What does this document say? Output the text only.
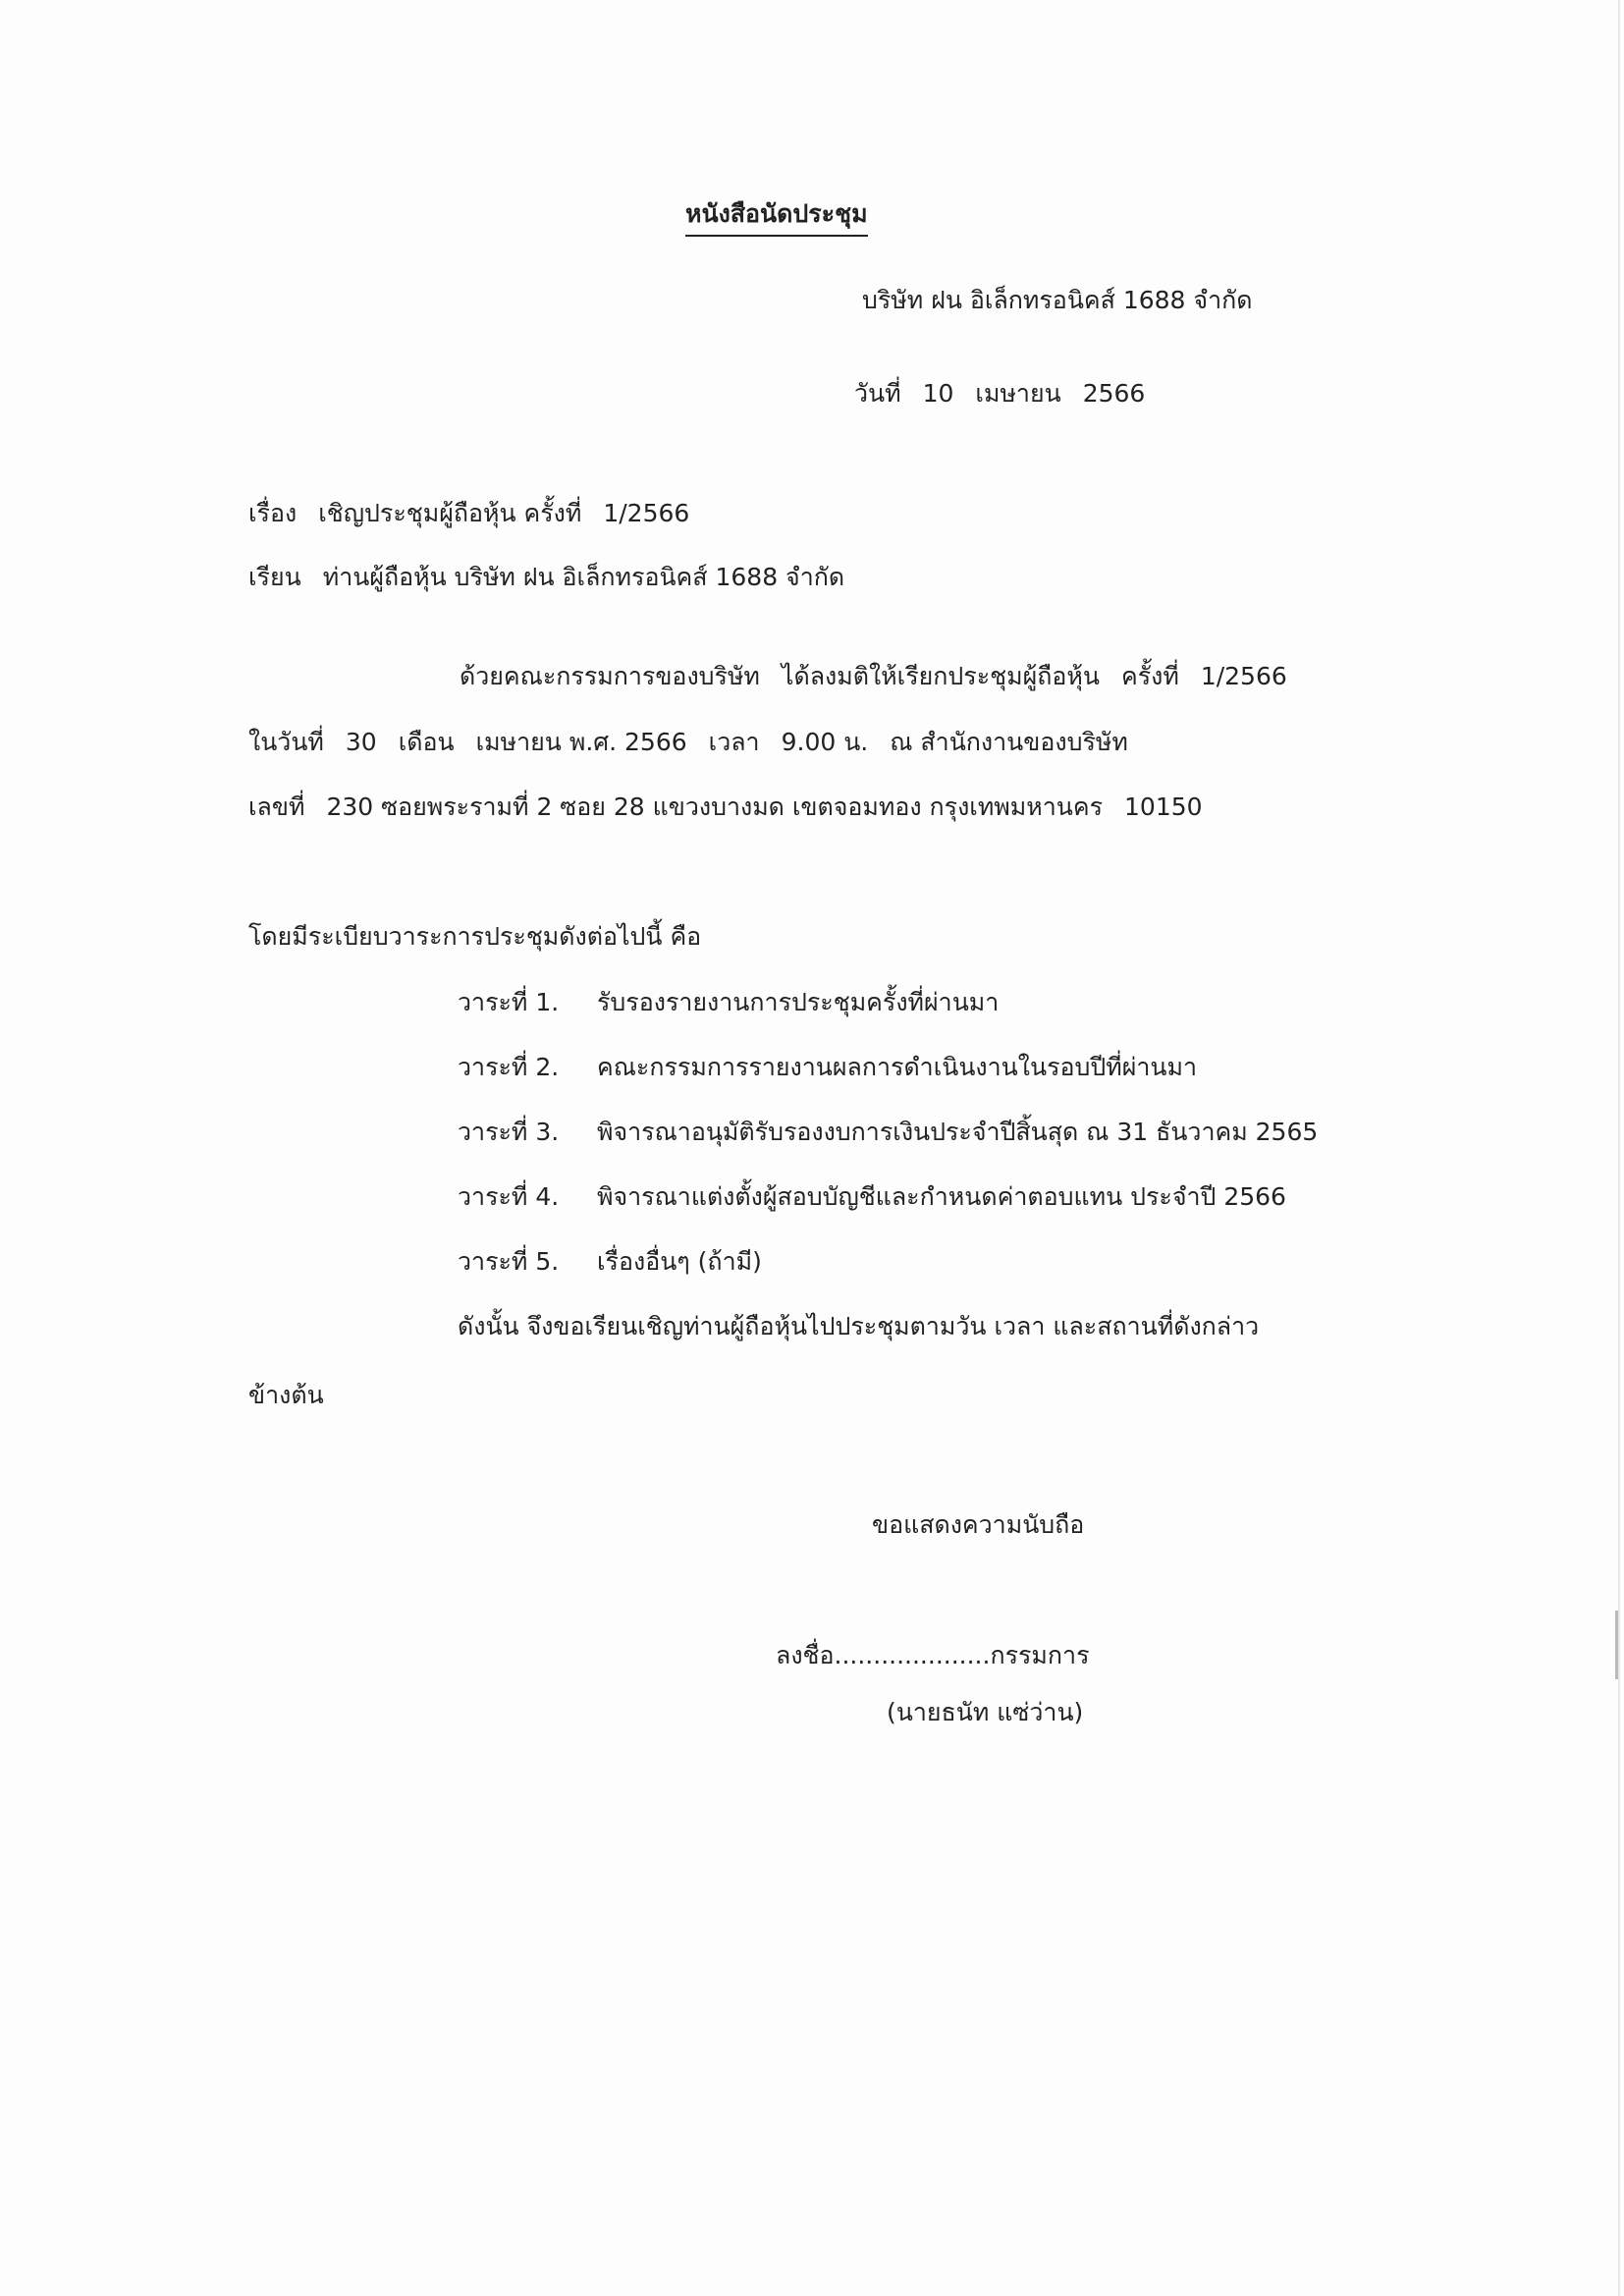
หนังสือนัดประชุม
บริษัท ฝน อิเล็กทรอนิคส์ 1688 จำกัด
วันที่ 10 เมษายน 2566
เรื่อง เชิญประชุมผู้ถือหุ้น ครั้งที่ 1/2566
เรียน ท่านผู้ถือหุ้น บริษัท ฝน อิเล็กทรอนิคส์ 1688 จำกัด
ด้วยคณะกรรมการของบริษัท ได้ลงมติให้เรียกประชุมผู้ถือหุ้น ครั้งที่ 1/2566
ในวันที่ 30 เดือน เมษายน พ.ศ. 2566 เวลา 9.00 น. ณ สำนักงานของบริษัท
เลขที่ 230 ซอยพระรามที่ 2 ซอย 28 แขวงบางมด เขตจอมทอง กรุงเทพมหานคร 10150
โดยมีระเบียบวาระการประชุมดังต่อไปนี้ คือ
วาระที่ 1. รับรองรายงานการประชุมครั้งที่ผ่านมา
วาระที่ 2. คณะกรรมการรายงานผลการดำเนินงานในรอบปีที่ผ่านมา
วาระที่ 3. พิจารณาอนุมัติรับรองงบการเงินประจำปีสิ้นสุด ณ 31 ธันวาคม 2565
วาระที่ 4. พิจารณาแต่งตั้งผู้สอบบัญชีและกำหนดค่าตอบแทน ประจำปี 2566
วาระที่ 5. เรื่องอื่นๆ (ถ้ามี)
ดังนั้น จึงขอเรียนเชิญท่านผู้ถือหุ้นไปประชุมตามวัน เวลา และสถานที่ดังกล่าว
ข้างต้น
ขอแสดงความนับถือ
ลงชื่อ....................กรรมการ
(นายธนัท แซ่ว่าน)
